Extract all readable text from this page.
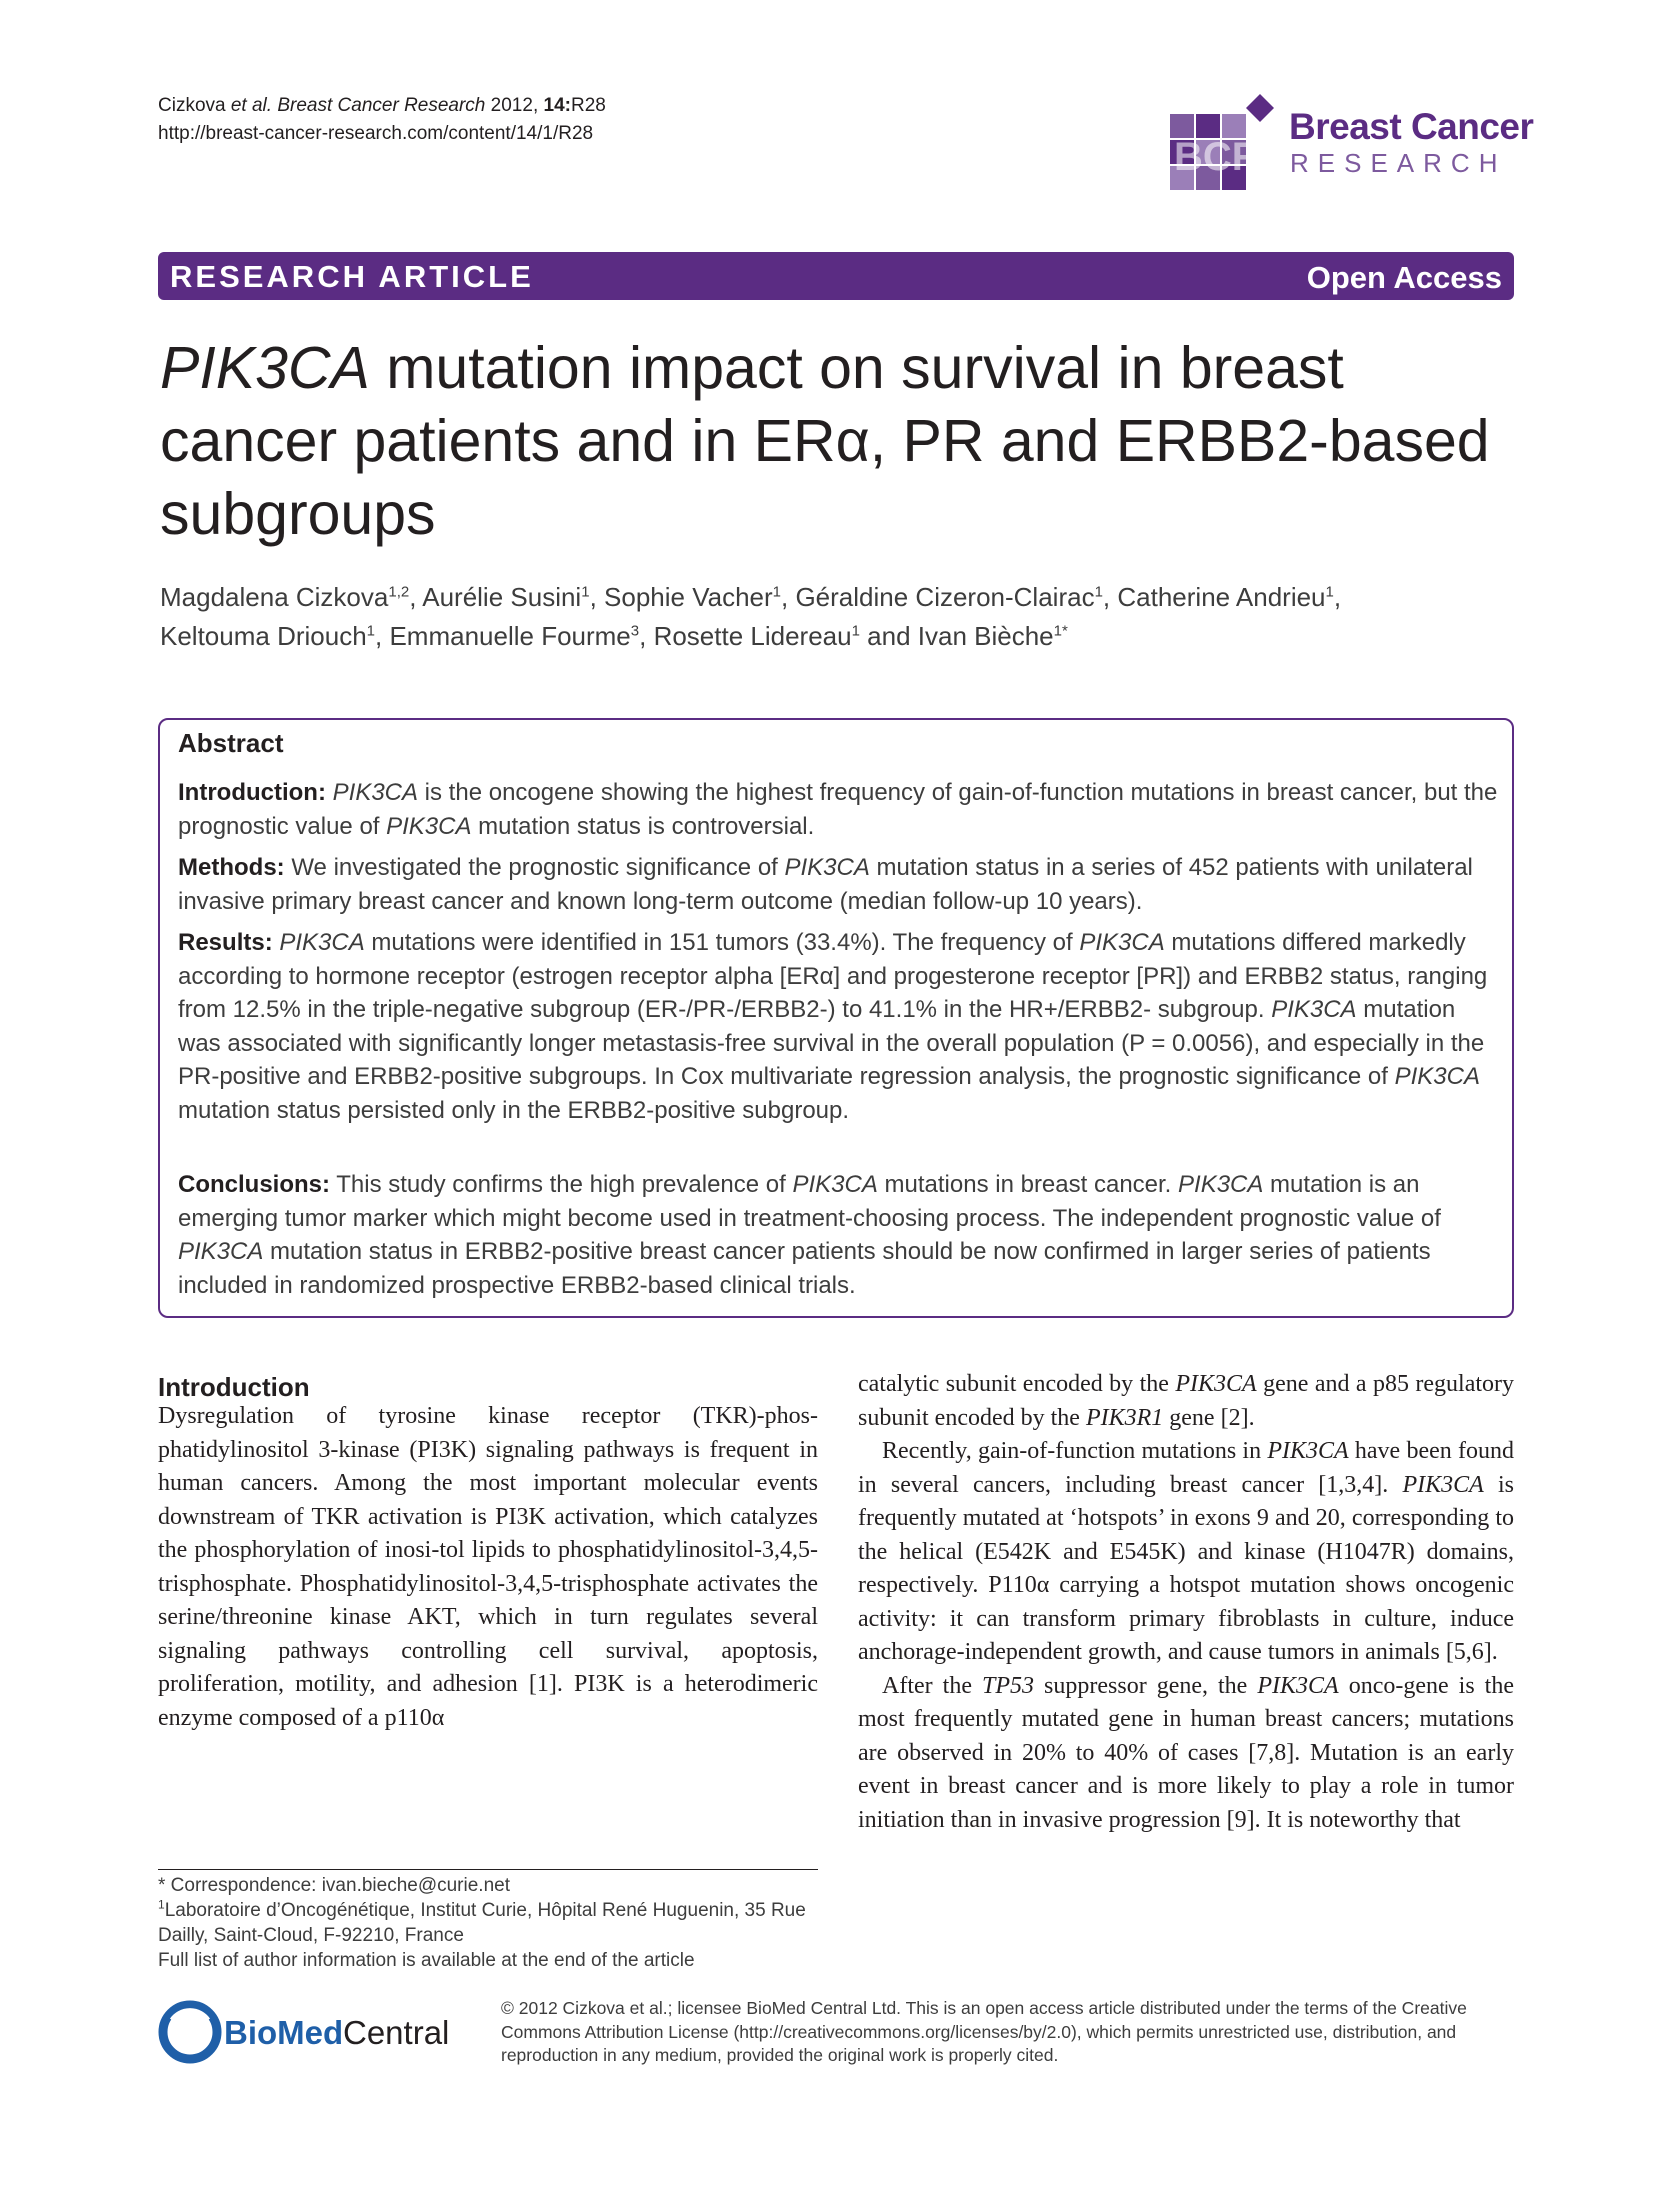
Cizkova et al. Breast Cancer Research 2012, 14:R28
http://breast-cancer-research.com/content/14/1/R28
BCR
Breast Cancer
RESEARCH
RESEARCH ARTICLE	Open Access
PIK3CA mutation impact on survival in breast
cancer patients and in ERα, PR and ERBB2-based
subgroups
Magdalena Cizkova$^{1,2}$, Aurélie Susini$^1$, Sophie Vacher$^1$, Géraldine Cizeron-Clairac$^1$, Catherine Andrieu$^1$,
Keltouma Driouch$^1$, Emmanuelle Fourme$^3$, Rosette Lidereau$^1$ and Ivan Bièche$^{1*}$
Abstract
Introduction: PIK3CA is the oncogene showing the highest frequency of gain-of-function mutations in breast cancer, but the prognostic value of PIK3CA mutation status is controversial.
Methods: We investigated the prognostic significance of PIK3CA mutation status in a series of 452 patients with unilateral invasive primary breast cancer and known long-term outcome (median follow-up 10 years).
Results: PIK3CA mutations were identified in 151 tumors (33.4%). The frequency of PIK3CA mutations differed markedly according to hormone receptor (estrogen receptor alpha [ERα] and progesterone receptor [PR]) and ERBB2 status, ranging from 12.5% in the triple-negative subgroup (ER-/PR-/ERBB2-) to 41.1% in the HR+/ERBB2- subgroup. PIK3CA mutation was associated with significantly longer metastasis-free survival in the overall population (P = 0.0056), and especially in the PR-positive and ERBB2-positive subgroups. In Cox multivariate regression analysis, the prognostic significance of PIK3CA mutation status persisted only in the ERBB2-positive subgroup.
Conclusions: This study confirms the high prevalence of PIK3CA mutations in breast cancer. PIK3CA mutation is an emerging tumor marker which might become used in treatment-choosing process. The independent prognostic value of PIK3CA mutation status in ERBB2-positive breast cancer patients should be now confirmed in larger series of patients included in randomized prospective ERBB2-based clinical trials.
Introduction

Dysregulation of tyrosine kinase receptor (TKR)-phos-phatidylinositol 3-kinase (PI3K) signaling pathways is frequent in human cancers. Among the most important molecular events downstream of TKR activation is PI3K activation, which catalyzes the phosphorylation of inosi-tol lipids to phosphatidylinositol-3,4,5-trisphosphate. Phosphatidylinositol-3,4,5-trisphosphate activates the serine/threonine kinase AKT, which in turn regulates several signaling pathways controlling cell survival, apoptosis, proliferation, motility, and adhesion [1]. PI3K is a heterodimeric enzyme composed of a p110α

catalytic subunit encoded by the PIK3CA gene and a p85 regulatory subunit encoded by the PIK3R1 gene [2].

Recently, gain-of-function mutations in PIK3CA have been found in several cancers, including breast cancer [1,3,4]. PIK3CA is frequently mutated at ‘hotspots’ in exons 9 and 20, corresponding to the helical (E542K and E545K) and kinase (H1047R) domains, respectively. P110α carrying a hotspot mutation shows oncogenic activity: it can transform primary fibroblasts in culture, induce anchorage-independent growth, and cause tumors in animals [5,6].

After the TP53 suppressor gene, the PIK3CA onco-gene is the most frequently mutated gene in human breast cancers; mutations are observed in 20% to 40% of cases [7,8]. Mutation is an early event in breast cancer and is more likely to play a role in tumor initiation than in invasive progression [9]. It is noteworthy that

* Correspondence: ivan.bieche@curie.net
$^1$Laboratoire d’Oncogénétique, Institut Curie, Hôpital René Huguenin, 35 Rue Dailly, Saint-Cloud, F-92210, France
Full list of author information is available at the end of the article
BioMed Central
© 2012 Cizkova et al.; licensee BioMed Central Ltd. This is an open access article distributed under the terms of the Creative Commons Attribution License (http://creativecommons.org/licenses/by/2.0), which permits unrestricted use, distribution, and reproduction in any medium, provided the original work is properly cited.
